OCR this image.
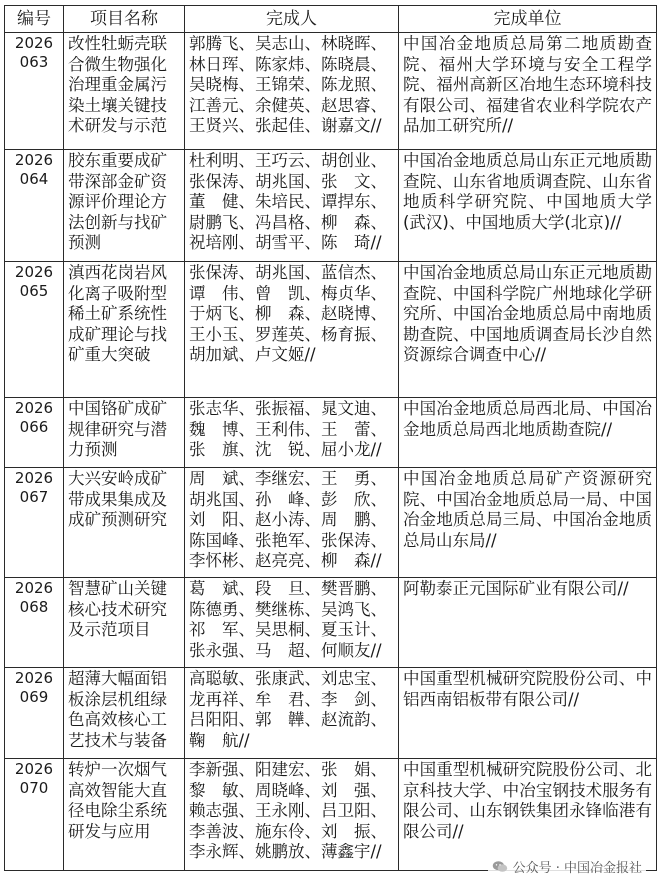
编号	项目名称	完成人	完成单位

2026
063	改性牡蛎壳联合微生物强化治理重金属污染土壤关键技术研发与示范	郭腾飞、吴志山、林晓晖、林日珲、陈家炜、陈晓晨、吴晓梅、王锦荣、陈龙照、江善元、余健英、赵思睿、王贤兴、张起佳、谢嘉文//	中国冶金地质总局第二地质勘查院、福州大学环境与安全工程学院、福州高新区冶地生态环境科技有限公司、福建省农业科学院农产品加工研究所//

2026
064	胶东重要成矿带深部金矿资源评价理论方法创新与找矿预测	杜利明、王巧云、胡创业、张保涛、胡兆国、张　文、董　健、朱培民、谭捍东、尉鹏飞、冯昌格、柳　森、祝培刚、胡雪平、陈　琦//	中国冶金地质总局山东正元地质勘查院、山东省地质调查院、山东省地质科学研究院、中国地质大学(武汉)、中国地质大学(北京)//

2026
065	滇西花岗岩风化离子吸附型稀土矿系统性成矿理论与找矿重大突破	张保涛、胡兆国、蓝信杰、谭　伟、曾　凯、梅贞华、于炳飞、柳　森、赵晓博、王小玉、罗莲英、杨育振、胡加斌、卢文姬//	中国冶金地质总局山东正元地质勘查院、中国科学院广州地球化学研究所、中国冶金地质总局中南地质勘查院、中国地质调查局长沙自然资源综合调查中心//

2026
066	中国铬矿成矿规律研究与潜力预测	张志华、张振福、晁文迪、魏　博、王利伟、王　蕾、张　旗、沈　锐、屈小龙//	中国冶金地质总局西北局、中国冶金地质总局西北地质勘查院//

2026
067	大兴安岭成矿带成果集成及成矿预测研究	周　斌、李继宏、王　勇、胡兆国、孙　峰、彭　欣、刘　阳、赵小涛、周　鹏、陈国峰、张艳军、张保涛、李怀彬、赵亮亮、柳　森//	中国冶金地质总局矿产资源研究院、中国冶金地质总局一局、中国冶金地质总局三局、中国冶金地质总局山东局//

2026
068	智慧矿山关键核心技术研究及示范项目	葛　斌、段　旦、樊晋鹏、陈德勇、樊继栋、吴鸿飞、祁　军、吴思桐、夏玉计、张永强、马　超、何顺友//	阿勒泰正元国际矿业有限公司//

2026
069	超薄大幅面铝板涂层机组绿色高效核心工艺技术与装备	高聪敏、张康武、刘忠宝、龙再祥、牟　君、李　剑、吕阳阳、郭　韡、赵流韵、鞠　航//	中国重型机械研究院股份公司、中铝西南铝板带有限公司//

2026
070	转炉一次烟气高效智能大直径电除尘系统研发与应用	李新强、阳建宏、张　娟、黎　敏、周晓峰、刘　强、赖志强、王永刚、吕卫阳、李善波、施东伶、刘　振、李永辉、姚鹏放、薄鑫宇//	中国重型机械研究院股份公司、北京科技大学、中冶宝钢技术服务有限公司、山东钢铁集团永锋临港有限公司//
公众号 · 中国冶金报社
